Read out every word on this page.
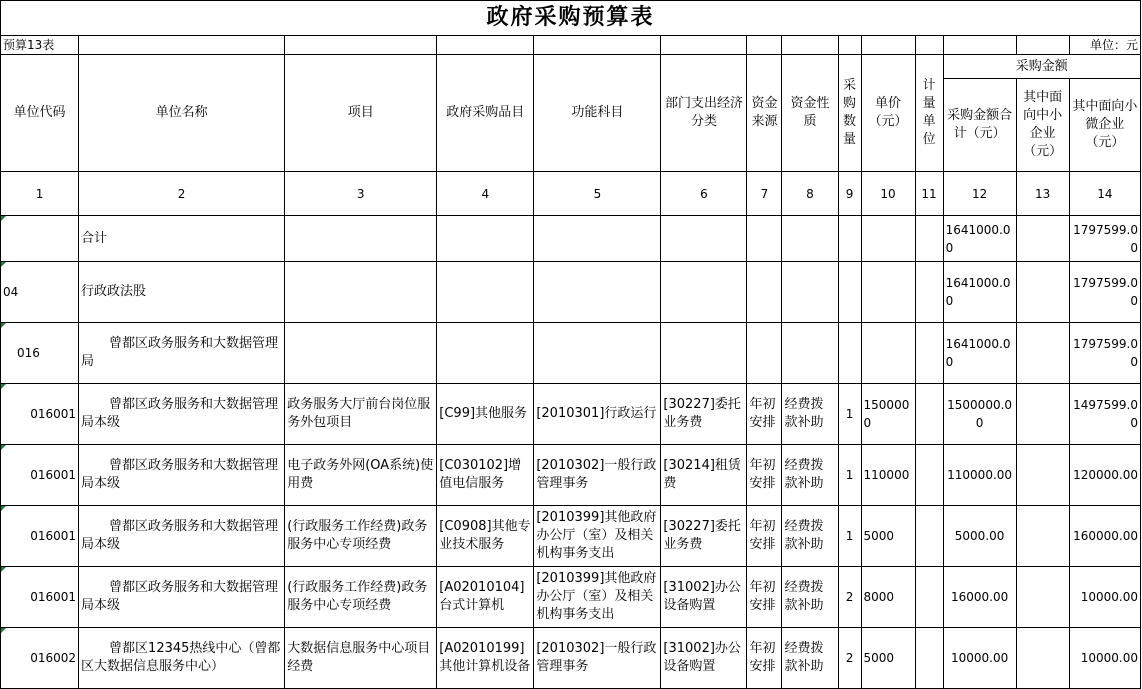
政府采购预算表													
预算13表													单位：元
单位代码	单位名称	项目	政府采购品目	功能科目	部门支出经济分类	资金来源	资金性质	采购数量	单价（元）	计量单位	采购金额		
											采购金额合计（元）	其中面向中小企业（元）	其中面向小微企业（元）
1	2	3	4	5	6	7	8	9	10	11	12	13	14
	合计										1641000.00		1797599.00
04	行政政法股										1641000.00		1797599.00
016	曾都区政务服务和大数据管理局										1641000.00		1797599.00
016001	曾都区政务服务和大数据管理局本级	政务服务大厅前台岗位服务外包项目	[C99]其他服务	[2010301]行政运行	[30227]委托业务费	年初安排	经费拨款补助	1	1500000		1500000.00		1497599.00
016001	曾都区政务服务和大数据管理局本级	电子政务外网(OA系统)使用费	[C030102]增值电信服务	[2010302]一般行政管理事务	[30214]租赁费	年初安排	经费拨款补助	1	110000		110000.00		120000.00
016001	曾都区政务服务和大数据管理局本级	(行政服务工作经费)政务服务中心专项经费	[C0908]其他专业技术服务	[2010399]其他政府办公厅（室）及相关机构事务支出	[30227]委托业务费	年初安排	经费拨款补助	1	5000		5000.00		160000.00
016001	曾都区政务服务和大数据管理局本级	(行政服务工作经费)政务服务中心专项经费	[A02010104]台式计算机	[2010399]其他政府办公厅（室）及相关机构事务支出	[31002]办公设备购置	年初安排	经费拨款补助	2	8000		16000.00		10000.00
016002	曾都区12345热线中心（曾都区大数据信息服务中心）	大数据信息服务中心项目经费	[A02010199]其他计算机设备	[2010302]一般行政管理事务	[31002]办公设备购置	年初安排	经费拨款补助	2	5000		10000.00		10000.00
